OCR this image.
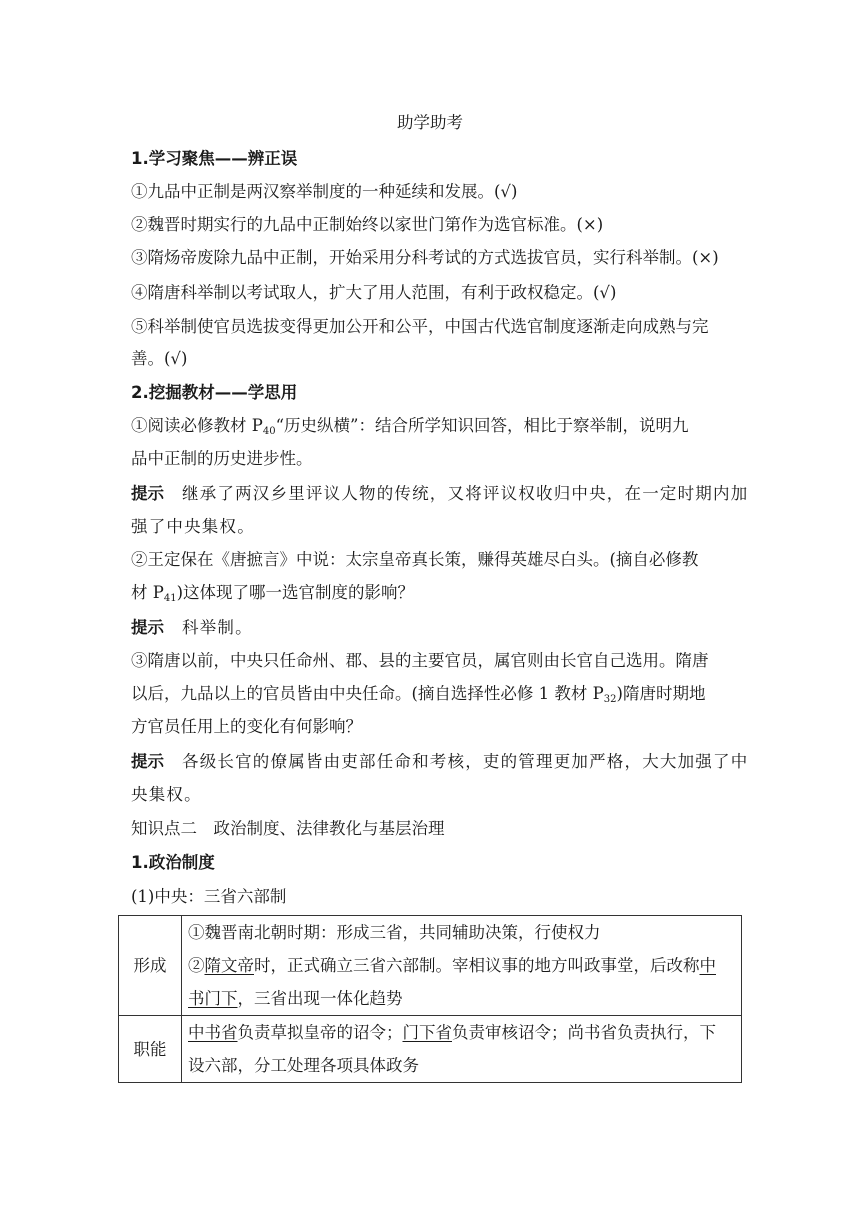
助学助考
1.学习聚焦——辨正误
①九品中正制是两汉察举制度的一种延续和发展。(√)
②魏晋时期实行的九品中正制始终以家世门第作为选官标准。(×)
③隋炀帝废除九品中正制，开始采用分科考试的方式选拔官员，实行科举制。(×)
④隋唐科举制以考试取人，扩大了用人范围，有利于政权稳定。(√)
⑤科举制使官员选拔变得更加公开和公平，中国古代选官制度逐渐走向成熟与完
善。(√)
2.挖掘教材——学思用
①阅读必修教材 $P_{40}“$历史纵横”：结合所学知识回答，相比于察举制，说明九
品中正制的历史进步性。
提示 继承了两汉乡里评议人物的传统，又将评议权收归中央，在一定时期内加
强了中央集权。
②王定保在《唐摭言》中说：太宗皇帝真长策，赚得英雄尽白头。(摘自必修教
材 $P_{41}$)这体现了哪一选官制度的影响？
提示 科举制。
③隋唐以前，中央只任命州、郡、县的主要官员，属官则由长官自己选用。隋唐
以后，九品以上的官员皆由中央任命。(摘自选择性必修 1 教材 $P_{32}$)隋唐时期地
方官员任用上的变化有何影响？
提示 各级长官的僚属皆由吏部任命和考核，吏的管理更加严格，大大加强了中
央集权。
知识点二　政治制度、法律教化与基层治理
1.政治制度
(1)中央：三省六部制
形成	①魏晋南北朝时期：形成三省，共同辅助决策，行使权力
②隋文帝时，正式确立三省六部制。宰相议事的地方叫政事堂，后改称中
书门下，三省出现一体化趋势

职能	中书省负责草拟皇帝的诏令；门下省负责审核诏令；尚书省负责执行，下
设六部，分工处理各项具体政务
